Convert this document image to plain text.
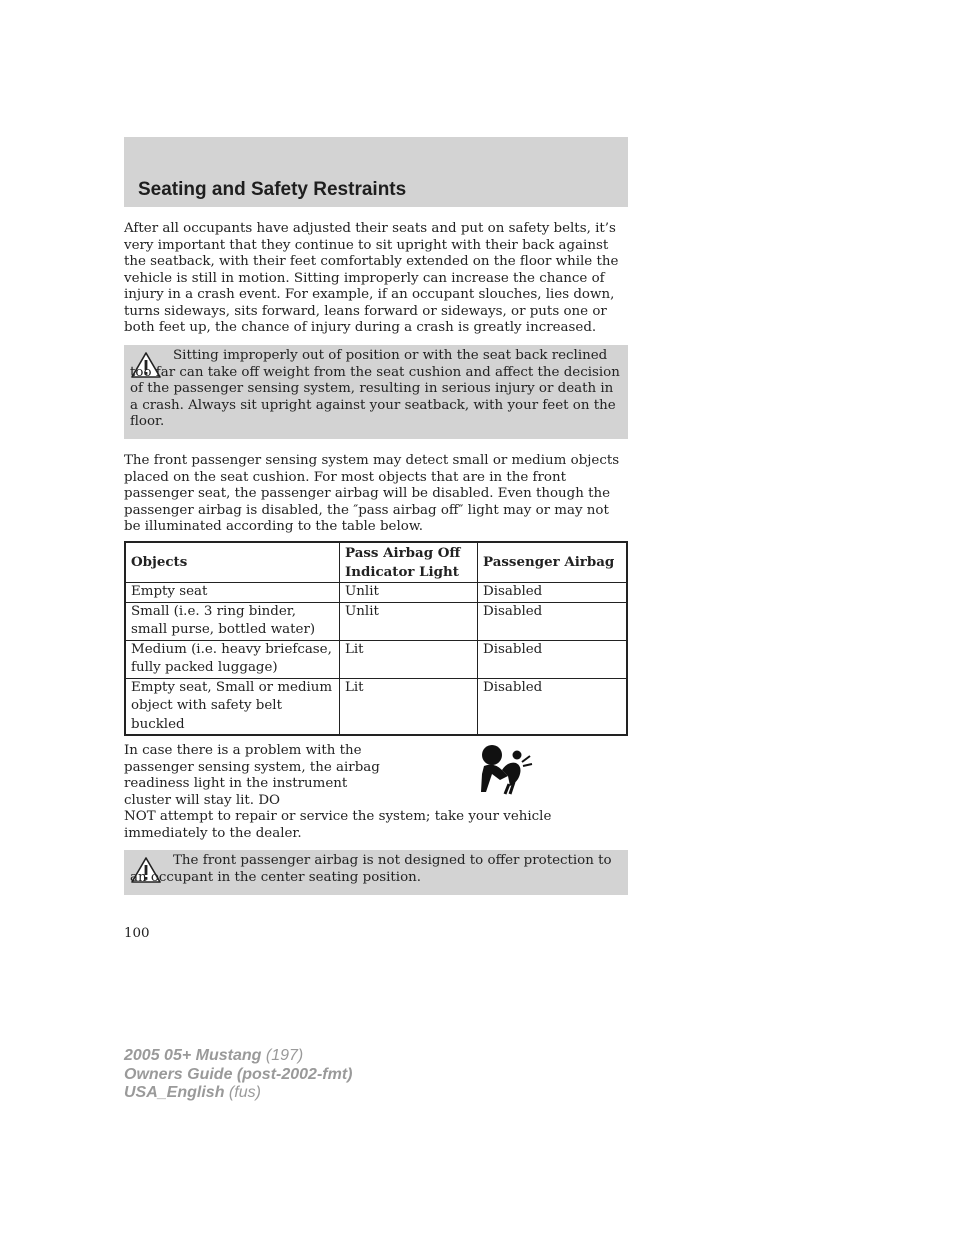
Seating and Safety Restraints

After all occupants have adjusted their seats and put on safety belts, it’s very important that they continue to sit upright with their back against the seatback, with their feet comfortably extended on the floor while the vehicle is still in motion. Sitting improperly can increase the chance of injury in a crash event. For example, if an occupant slouches, lies down, turns sideways, sits forward, leans forward or sideways, or puts one or both feet up, the chance of injury during a crash is greatly increased.

Sitting improperly out of position or with the seat back reclined too far can take off weight from the seat cushion and affect the decision of the passenger sensing system, resulting in serious injury or death in a crash. Always sit upright against your seatback, with your feet on the floor.

The front passenger sensing system may detect small or medium objects placed on the seat cushion. For most objects that are in the front passenger seat, the passenger airbag will be disabled. Even though the passenger airbag is disabled, the ″pass airbag off″ light may or may not be illuminated according to the table below.

Objects	Pass Airbag Off Indicator Light	Passenger Airbag
Empty seat	Unlit	Disabled
Small (i.e. 3 ring binder, small purse, bottled water)	Unlit	Disabled
Medium (i.e. heavy briefcase, fully packed luggage)	Lit	Disabled
Empty seat, Small or medium object with safety belt buckled	Lit	Disabled

In case there is a problem with the passenger sensing system, the airbag readiness light in the instrument cluster will stay lit. DO

NOT attempt to repair or service the system; take your vehicle immediately to the dealer.

The front passenger airbag is not designed to offer protection to an occupant in the center seating position.
100
2005 05+ Mustang (197)
Owners Guide (post-2002-fmt)
USA_English (fus)
